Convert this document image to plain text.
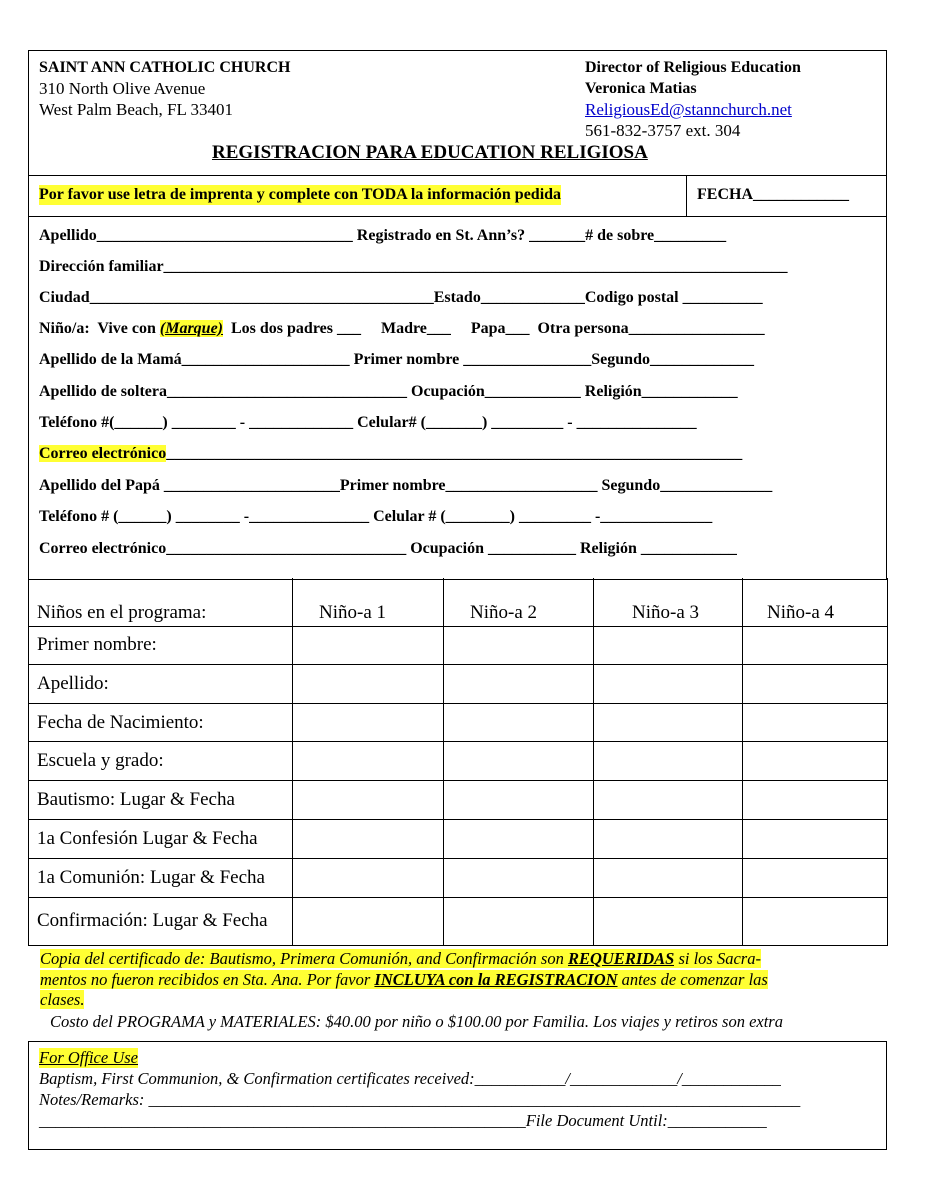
SAINT ANN CATHOLIC CHURCH
310 North Olive Avenue
West Palm Beach, FL 33401
Director of Religious Education
Veronica Matias
ReligiousEd@stannchurch.net
561-832-3757 ext. 304
REGISTRACION PARA EDUCATION RELIGIOSA
Por favor use letra de imprenta y complete con TODA la información pedida	FECHA____________
Apellido________________________________ Registrado en St. Ann’s? _______# de sobre_________
Dirección familiar______________________________________________________________________________
Ciudad___________________________________________Estado_____________Codigo postal __________
Niño/a:  Vive con (Marque)  Los dos padres ___     Madre___     Papa___  Otra persona_________________
Apellido de la Mamá_____________________ Primer nombre ________________Segundo_____________
Apellido de soltera______________________________ Ocupación____________ Religión____________
Teléfono #(______) ________ - _____________ Celular# (_______) _________ - _______________
Correo electrónico________________________________________________________________________
Apellido del Papá ______________________Primer nombre___________________ Segundo______________
Teléfono # (______) ________ -_______________ Celular # (________) _________ -______________
Correo electrónico______________________________ Ocupación ___________ Religión ____________
Niños en el programa:	Niño-a 1	Niño-a 2	Niño-a 3	Niño-a 4
Primer nombre:				
Apellido:				
Fecha de Nacimiento:				
Escuela y grado:				
Bautismo: Lugar & Fecha				
1a Confesión Lugar & Fecha				
1a Comunión: Lugar & Fecha				
Confirmación: Lugar & Fecha				
Copia del certificado de: Bautismo, Primera Comunión, and Confirmación son REQUERIDAS si los Sacra-
mentos no fueron recibidos en Sta. Ana. Por favor INCLUYA con la REGISTRACION antes de comenzar las
clases.
Costo del PROGRAMA y MATERIALES: $40.00 por niño o $100.00 por Familia. Los viajes y retiros son extra
For Office Use
Baptism, First Communion, & Confirmation certificates received:___________/_____________/____________
Notes/Remarks: _______________________________________________________________________________
___________________________________________________________File Document Until:____________
